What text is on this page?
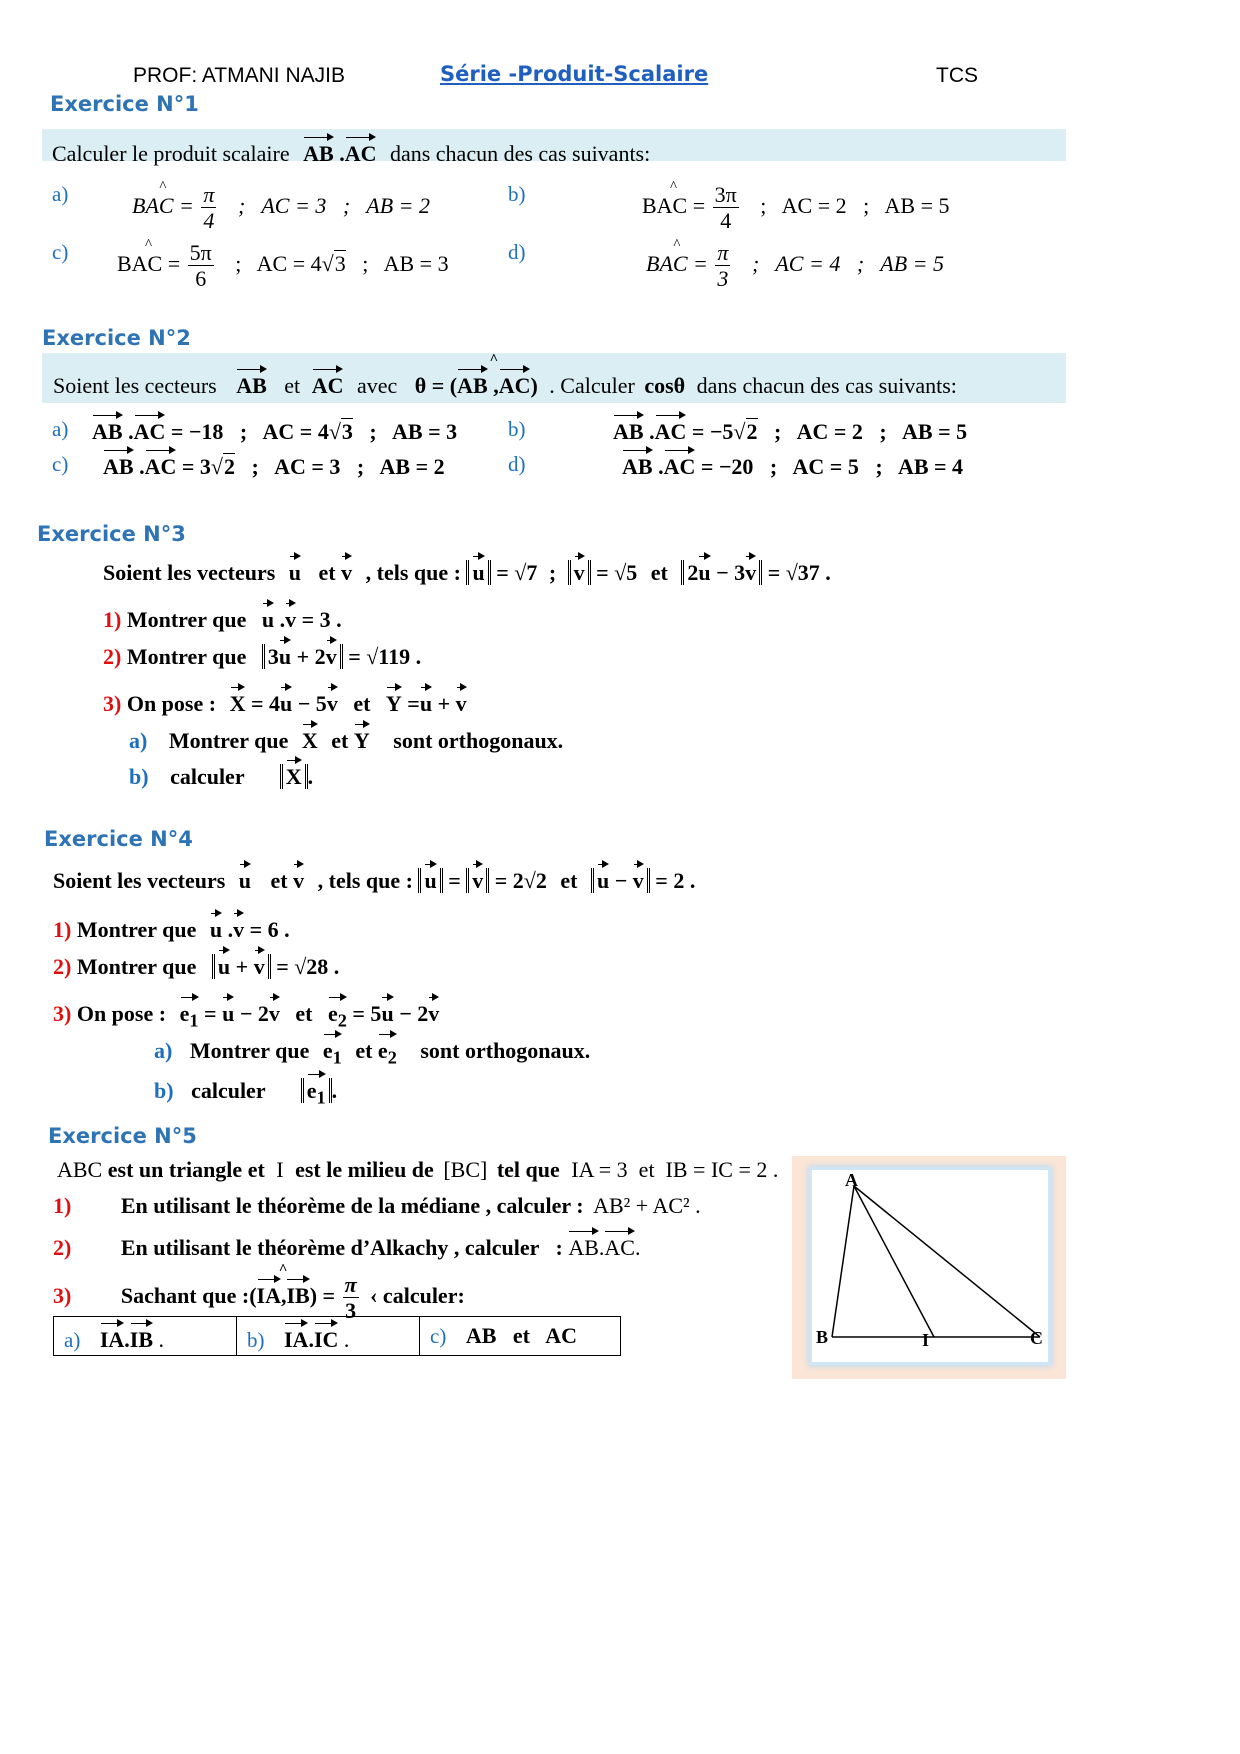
PROF: ATMANI NAJIB	Série -Produit-Scalaire	TCS
Exercice N°1
Calculer le produit scalaire AB .AC dans chacun des cas suivants:
a)	^ BAC = $\frac{\pi}{4}$ ;   AC = 3   ;   AB = 2	b)	^ BAC = $\frac{3\pi}{4}$ ;   AC = 2   ;   AB = 5
c) ^ BAC = $\frac{5\pi}{6}$ ;   AC = 4√3   ;   AB = 3	d)	^ BAC = $\frac{\pi}{3}$ ;   AC = 4   ;   AB = 5
Exercice N°2
Soient les cecteurs AB et AC avec θ = (^ AB ,AC) . Calculer cosθ dans chacun des cas suivants:
a) AB .AC = −18   ;   AC = 4√3   ;   AB = 3 b)	AB .AC = −5√2   ;   AC = 2   ;   AB = 5
c) AB .AC = 3√2   ;   AC = 3   ;   AB = 2	d)	AB .AC = −20   ;   AC = 5   ;   AB = 4
Exercice N°3
Soient les vecteurs u et v , tels que : u = √7 ; v = √5 et 2u − 3v = √37 .
1) Montrer que u .v = 3 .
2) Montrer que 3u + 2v = √119 .
3) On pose : X = 4u − 5v et Y =u + v
a) Montrer que X et Y sont orthogonaux.
b) calculer X .
Exercice N°4
Soient les vecteurs u et v , tels que : u = v = 2√2 et u − v = 2 .
1) Montrer que u .v = 6 .
2) Montrer que u + v = √28 .
3) On pose : $e_1 = u - 2v$ et $e_2 = 5u - 2v$
a) Montrer que $e_1$ et $e_2$ sont orthogonaux.
b) calculer $e_1$ .
Exercice N°5
ABC est un triangle et I est le milieu de [BC] tel que IA = 3  et  IB = IC = 2 .
1) En utilisant le théorème de la médiane , calculer : AB² + AC² .
2) En utilisant le théorème d’Alkachy , calculer   : AB.AC.
3) Sachant que :(^ $IA,IB) = \frac{\pi}{3}$ ‹ calculer:
a) IA.IB .	b) IA.IC .	c) AB   et   AC
A
B	I	C
